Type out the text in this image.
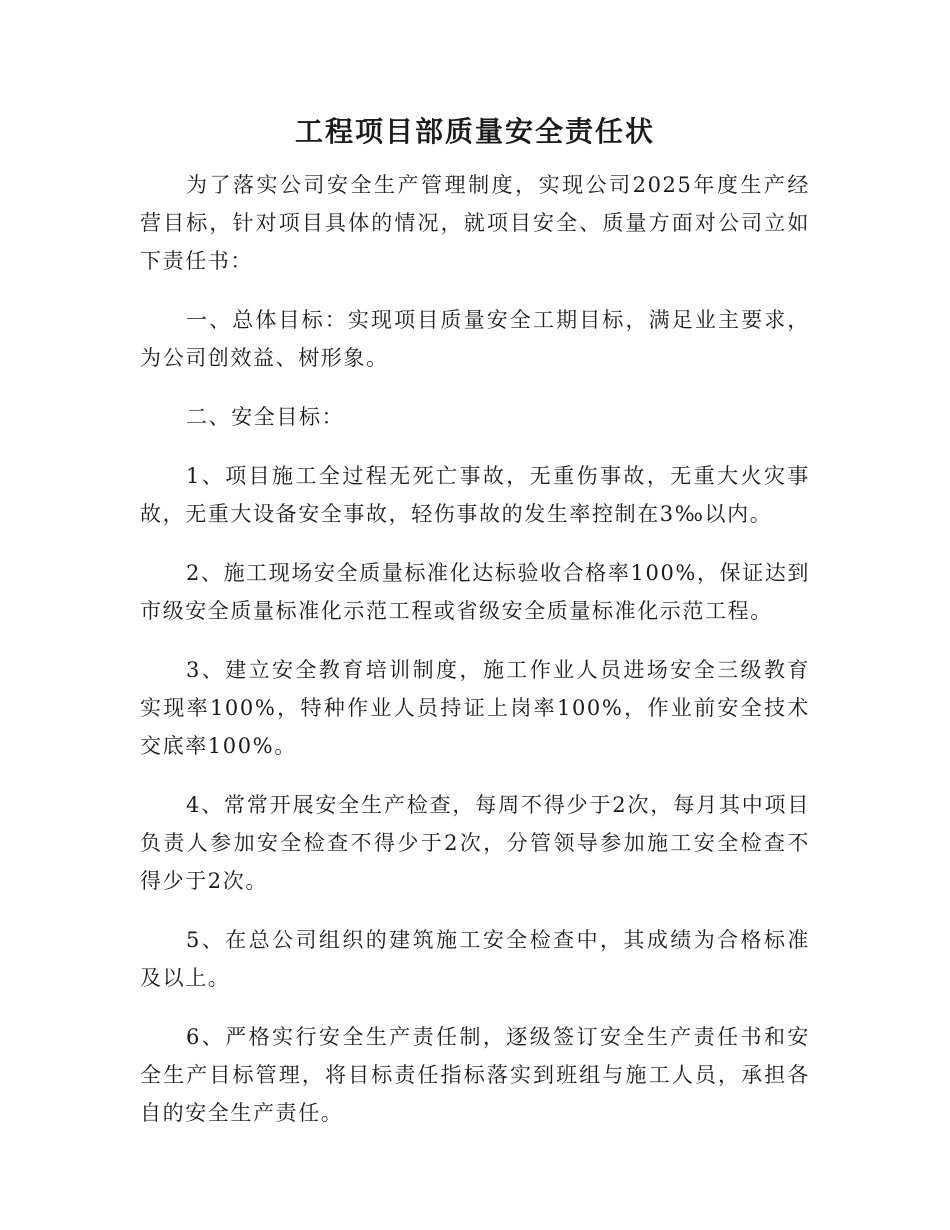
工程项目部质量安全责任状

为了落实公司安全生产管理制度，实现公司2025年度生产经营目标，针对项目具体的情况，就项目安全、质量方面对公司立如下责任书：

一、总体目标：实现项目质量安全工期目标，满足业主要求，为公司创效益、树形象。

二、安全目标：

1、项目施工全过程无死亡事故，无重伤事故，无重大火灾事故，无重大设备安全事故，轻伤事故的发生率控制在3‰以内。

2、施工现场安全质量标准化达标验收合格率100%，保证达到市级安全质量标准化示范工程或省级安全质量标准化示范工程。

3、建立安全教育培训制度，施工作业人员进场安全三级教育实现率100%，特种作业人员持证上岗率100%，作业前安全技术交底率100%。

4、常常开展安全生产检查，每周不得少于2次，每月其中项目负责人参加安全检查不得少于2次，分管领导参加施工安全检查不得少于2次。

5、在总公司组织的建筑施工安全检查中，其成绩为合格标准及以上。

6、严格实行安全生产责任制，逐级签订安全生产责任书和安全生产目标管理，将目标责任指标落实到班组与施工人员，承担各自的安全生产责任。
